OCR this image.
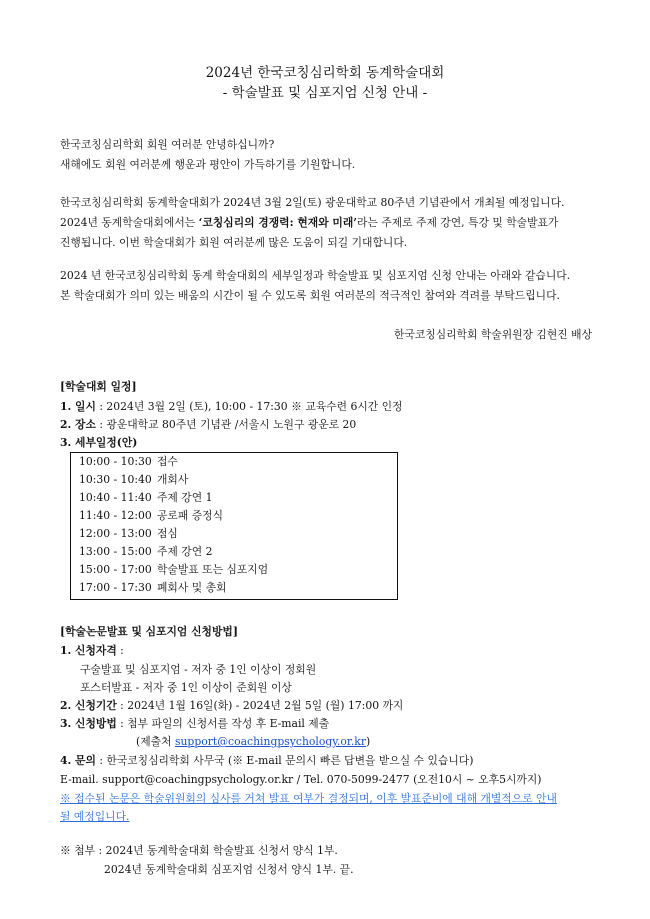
2024년 한국코칭심리학회 동계학술대회
- 학술발표 및 심포지엄 신청 안내 -
한국코칭심리학회 회원 여러분 안녕하십니까?
새해에도 회원 여러분께 행운과 평안이 가득하기를 기원합니다.
한국코칭심리학회 동계학술대회가 2024년 3월 2일(토) 광운대학교 80주년 기념관에서 개최될 예정입니다.
2024년 동계학술대회에서는 ‘코칭심리의 경쟁력: 현재와 미래’라는 주제로 주제 강연, 특강 및 학술발표가
진행됩니다. 이번 학술대회가 회원 여러분께 많은 도움이 되길 기대합니다.
2024 년 한국코칭심리학회 동계 학술대회의 세부일정과 학술발표 및 심포지엄 신청 안내는 아래와 같습니다.
본 학술대회가 의미 있는 배움의 시간이 될 수 있도록 회원 여러분의 적극적인 참여와 격려를 부탁드립니다.
한국코칭심리학회 학술위원장 김현진 배상
[학술대회 일정]
1. 일시 : 2024년 3월 2일 (토), 10:00 - 17:30 ※ 교육수련 6시간 인정
2. 장소 : 광운대학교 80주년 기념관 /서울시 노원구 광운로 20
3. 세부일정(안)
10:00 - 10:30 접수
10:30 - 10:40 개회사
10:40 - 11:40 주제 강연 1
11:40 - 12:00 공로패 증정식
12:00 - 13:00 점심
13:00 - 15:00 주제 강연 2
15:00 - 17:00 학술발표 또는 심포지엄
17:00 - 17:30 폐회사 및 총회
[학술논문발표 및 심포지엄 신청방법]
1. 신청자격 :
구술발표 및 심포지엄 - 저자 중 1인 이상이 정회원
포스터발표 - 저자 중 1인 이상이 준회원 이상
2. 신청기간 : 2024년 1월 16일(화) - 2024년 2월 5일 (월) 17:00 까지
3. 신청방법 : 첨부 파일의 신청서를 작성 후 E-mail 제출
(제출처 support@coachingpsychology.or.kr)
4. 문의 : 한국코칭심리학회 사무국 (※ E-mail 문의시 빠른 답변을 받으실 수 있습니다)
E-mail. support@coachingpsychology.or.kr / Tel. 070-5099-2477 (오전10시 ~ 오후5시까지)
※ 접수된 논문은 학술위원회의 심사를 거쳐 발표 여부가 결정되며, 이후 발표준비에 대해 개별적으로 안내
될 예정입니다.
※ 첨부 : 2024년 동계학술대회 학술발표 신청서 양식 1부.
2024년 동계학술대회 심포지엄 신청서 양식 1부. 끝.
